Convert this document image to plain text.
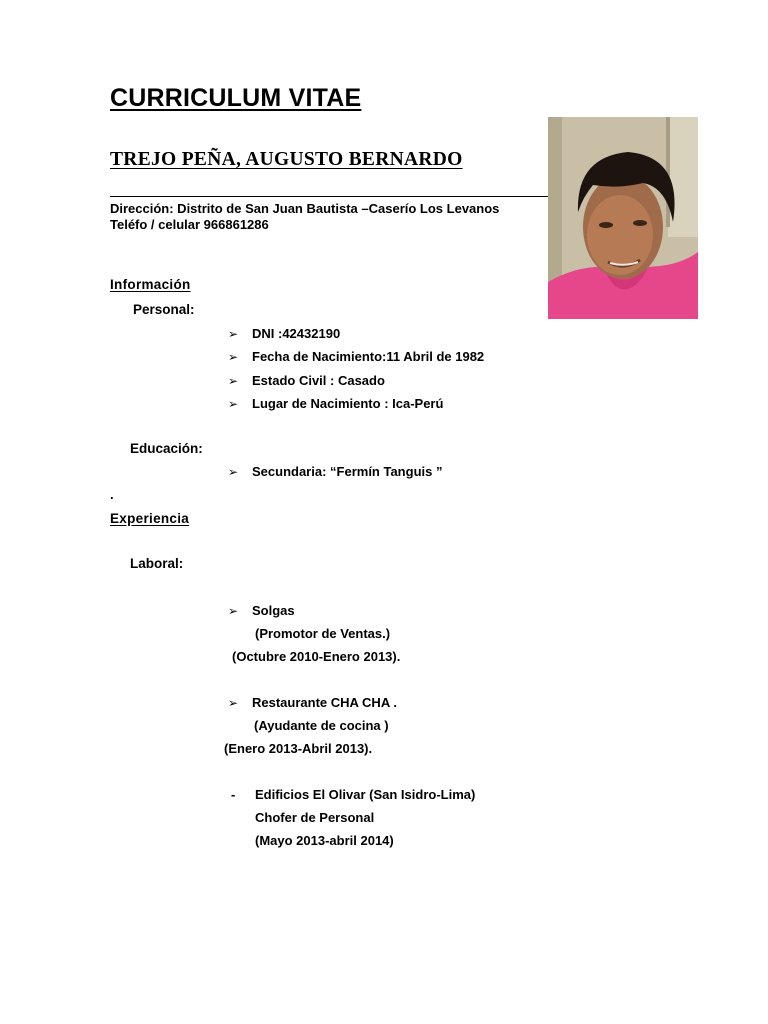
CURRICULUM VITAE
TREJO PEÑA, AUGUSTO BERNARDO
Dirección: Distrito de San Juan Bautista –Caserío Los Levanos
Teléfo / celular 966861286
Información
Personal:
➢ DNI :42432190
➢ Fecha de Nacimiento:11 Abril de 1982
➢ Estado Civil : Casado
➢ Lugar de Nacimiento : Ica-Perú
Educación:
➢ Secundaria: “Fermín Tanguis ”
.
Experiencia
Laboral:
➢ Solgas
(Promotor de Ventas.)
(Octubre 2010-Enero 2013).
➢ Restaurante CHA CHA .
(Ayudante de cocina )
(Enero 2013-Abril 2013).
- Edificios El Olivar (San Isidro-Lima)
Chofer de Personal
(Mayo 2013-abril 2014)
